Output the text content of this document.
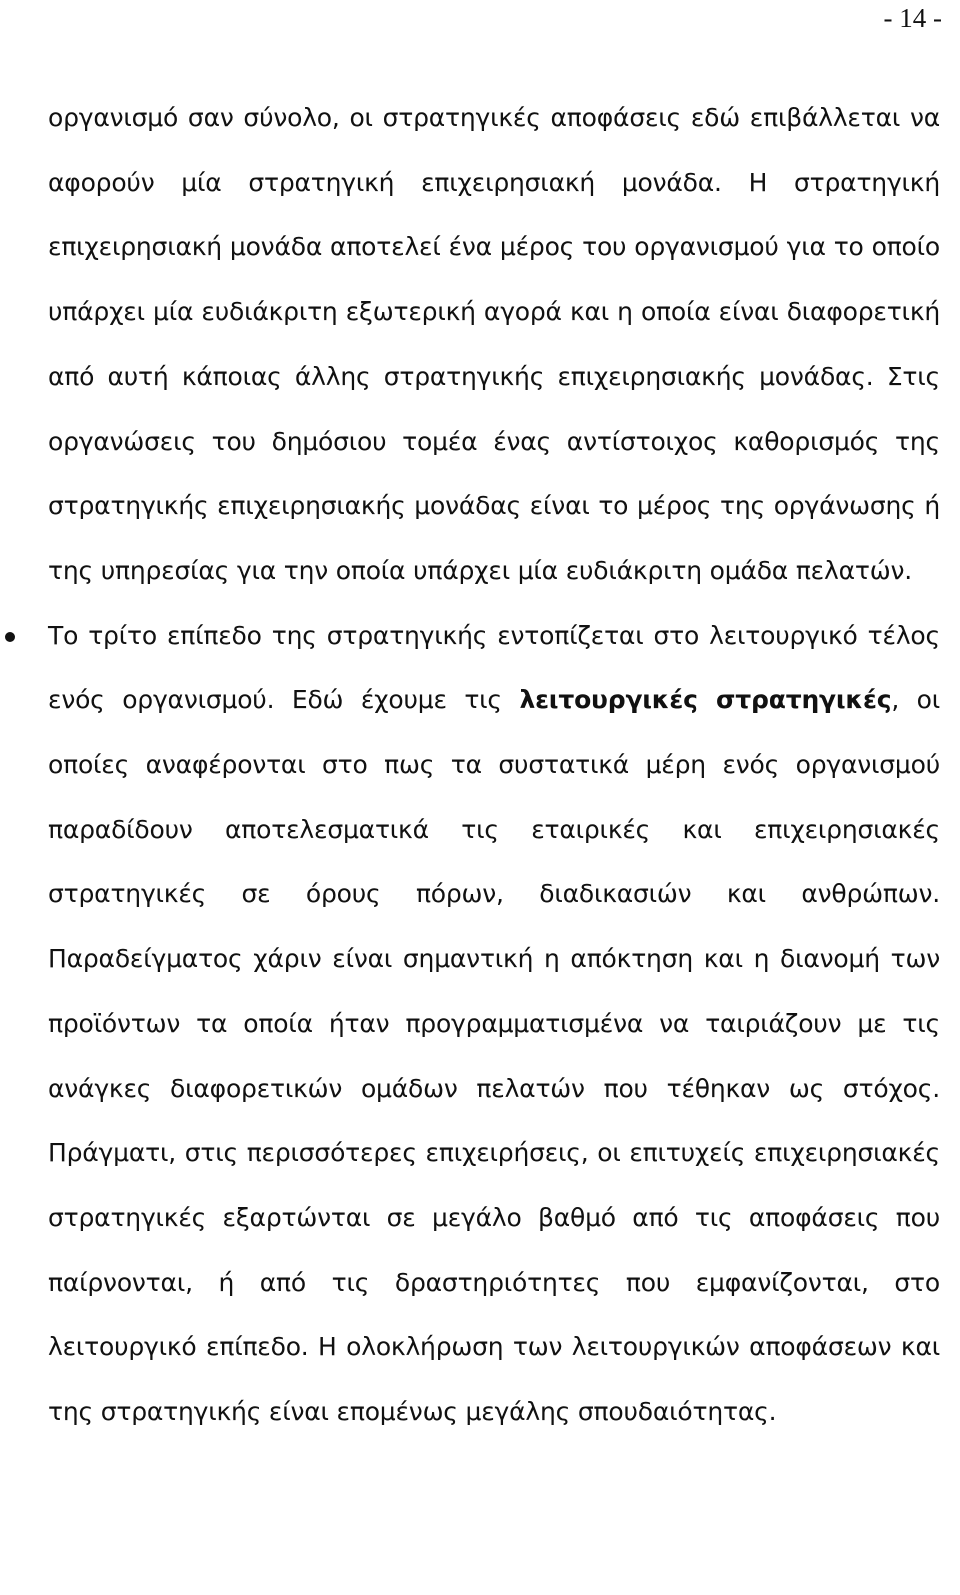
- 14 -

οργανισμό σαν σύνολο, οι στρατηγικές αποφάσεις εδώ επιβάλλεται να αφορούν μία στρατηγική επιχειρησιακή μονάδα. Η στρατηγική επιχειρησιακή μονάδα αποτελεί ένα μέρος του οργανισμού για το οποίο υπάρχει μία ευδιάκριτη εξωτερική αγορά και η οποία είναι διαφορετική από αυτή κάποιας άλλης στρατηγικής επιχειρησιακής μονάδας. Στις οργανώσεις του δημόσιου τομέα ένας αντίστοιχος καθορισμός της στρατηγικής επιχειρησιακής μονάδας είναι το μέρος της οργάνωσης ή της υπηρεσίας για την οποία υπάρχει μία ευδιάκριτη ομάδα πελατών.

Το τρίτο επίπεδο της στρατηγικής εντοπίζεται στο λειτουργικό τέλος ενός οργανισμού. Εδώ έχουμε τις λειτουργικές στρατηγικές, οι οποίες αναφέρονται στο πως τα συστατικά μέρη ενός οργανισμού παραδίδουν αποτελεσματικά τις εταιρικές και επιχειρησιακές στρατηγικές σε όρους πόρων, διαδικασιών και ανθρώπων. Παραδείγματος χάριν είναι σημαντική η απόκτηση και η διανομή των προϊόντων τα οποία ήταν προγραμματισμένα να ταιριάζουν με τις ανάγκες διαφορετικών ομάδων πελατών που τέθηκαν ως στόχος. Πράγματι, στις περισσότερες επιχειρήσεις, οι επιτυχείς επιχειρησιακές στρατηγικές εξαρτώνται σε μεγάλο βαθμό από τις αποφάσεις που παίρνονται, ή από τις δραστηριότητες που εμφανίζονται, στο λειτουργικό επίπεδο. Η ολοκλήρωση των λειτουργικών αποφάσεων και της στρατηγικής είναι επομένως μεγάλης σπουδαιότητας.
